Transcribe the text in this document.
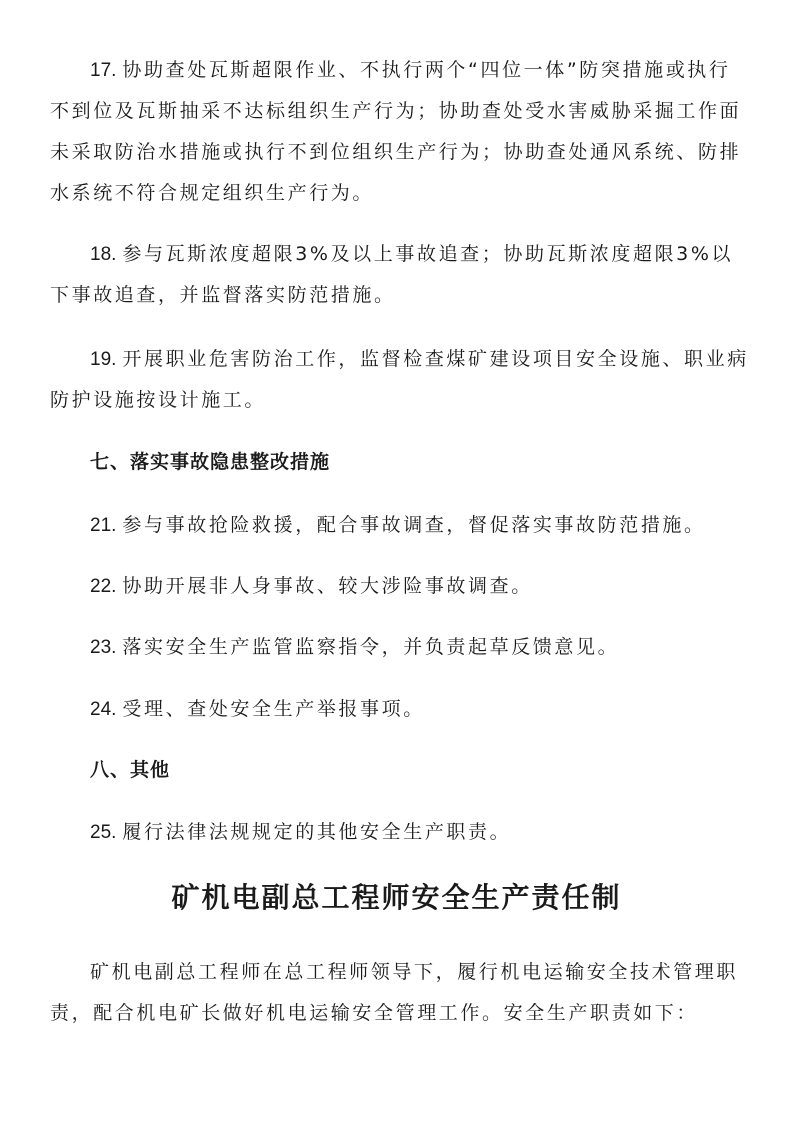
17. 协助查处瓦斯超限作业、不执行两个“四位一体”防突措施或执行不到位及瓦斯抽采不达标组织生产行为；协助查处受水害威胁采掘工作面未采取防治水措施或执行不到位组织生产行为；协助查处通风系统、防排水系统不符合规定组织生产行为。

18. 参与瓦斯浓度超限3%及以上事故追查；协助瓦斯浓度超限3%以下事故追查，并监督落实防范措施。

19. 开展职业危害防治工作，监督检查煤矿建设项目安全设施、职业病防护设施按设计施工。

七、落实事故隐患整改措施

21. 参与事故抢险救援，配合事故调查，督促落实事故防范措施。

22. 协助开展非人身事故、较大涉险事故调查。

23. 落实安全生产监管监察指令，并负责起草反馈意见。

24. 受理、查处安全生产举报事项。

八、其他

25. 履行法律法规规定的其他安全生产职责。

矿机电副总工程师安全生产责任制

矿机电副总工程师在总工程师领导下，履行机电运输安全技术管理职责，配合机电矿长做好机电运输安全管理工作。安全生产职责如下：
